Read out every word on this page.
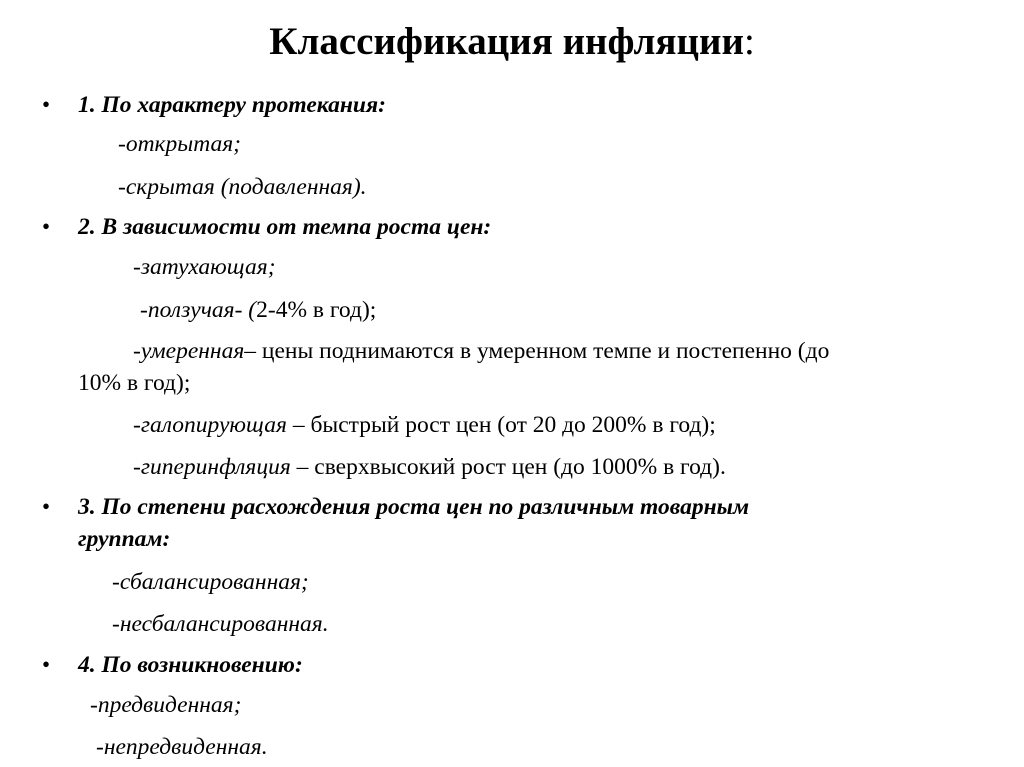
Классификация инфляции:
• 1. По характеру протекания:
-открытая;
-скрытая (подавленная).
• 2. В зависимости от темпа роста цен:
-затухающая;
-ползучая- (2-4% в год);
-умеренная– цены поднимаются в умеренном темпе и постепенно (до
10% в год);
-галопирующая – быстрый рост цен (от 20 до 200% в год);
-гиперинфляция – сверхвысокий рост цен (до 1000% в год).
• 3. По степени расхождения роста цен по различным товарным
группам:
-сбалансированная;
-несбалансированная.
• 4. По возникновению:
-предвиденная;
-непредвиденная.
